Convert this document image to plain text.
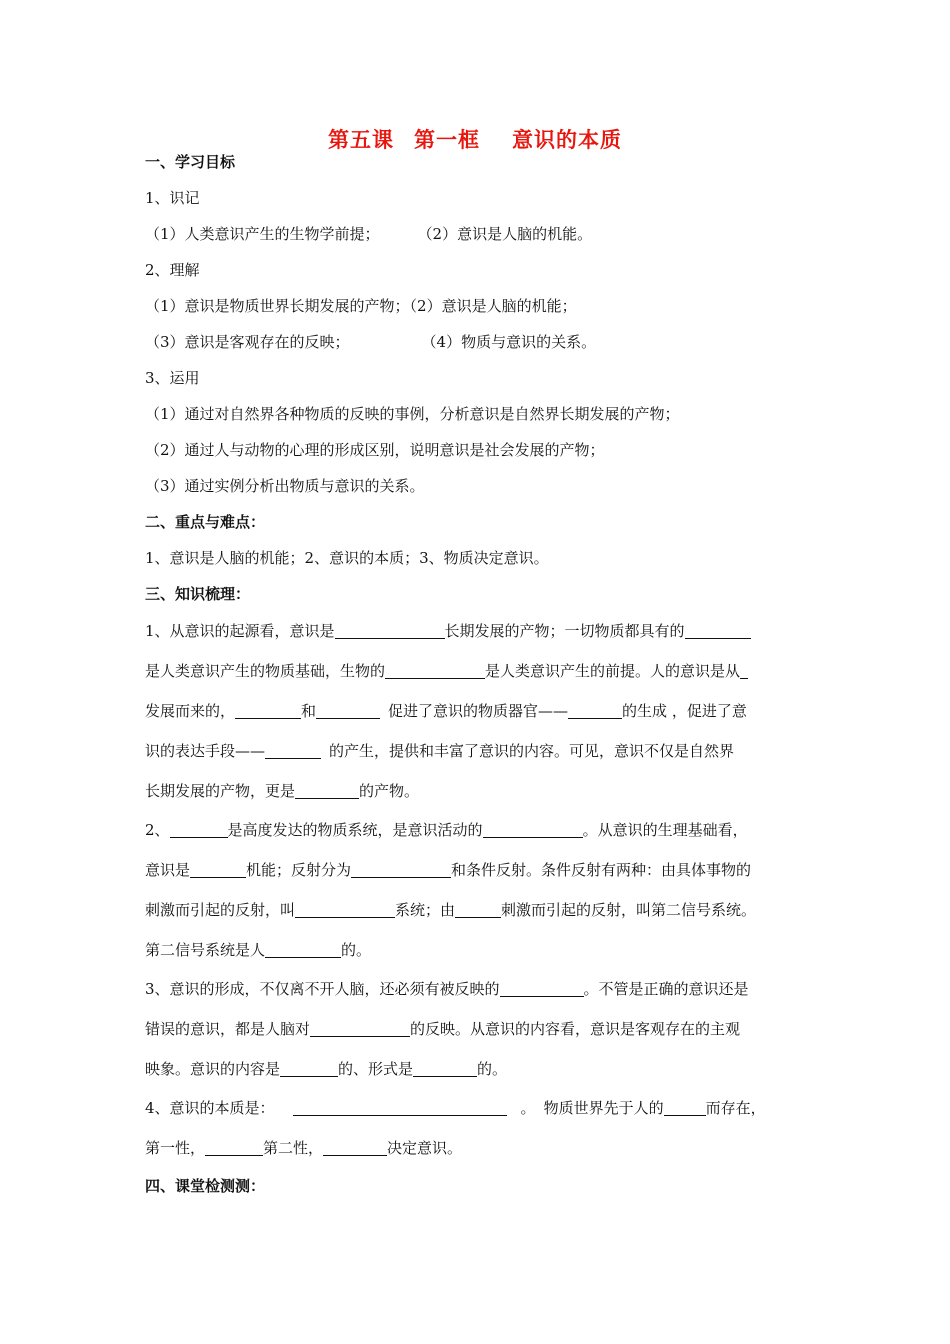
第五课 第一框 意识的本质
一、学习目标
1、识记
（1）人类意识产生的生物学前提；	（2）意识是人脑的机能。
2、理解
（1）意识是物质世界长期发展的产物；（2）意识是人脑的机能；
（3）意识是客观存在的反映；	（4）物质与意识的关系。
3、运用
（1）通过对自然界各种物质的反映的事例，分析意识是自然界长期发展的产物；
（2）通过人与动物的心理的形成区别，说明意识是社会发展的产物；
（3）通过实例分析出物质与意识的关系。
二、重点与难点：
1、意识是人脑的机能；2、意识的本质；3、物质决定意识。
三、知识梳理：
1、从意识的起源看，意识是	长期发展的产物；一切物质都具有的
是人类意识产生的物质基础，生物的	是人类意识产生的前提。人的意识是从
发展而来的，	和	促进了意识的物质器官——	的生成 ，促进了意
识的表达手段——	的产生，提供和丰富了意识的内容。可见，意识不仅是自然界
长期发展的产物，更是	的产物。
2、	是高度发达的物质系统，是意识活动的	。从意识的生理基础看，
意识是	机能；反射分为	和条件反射。条件反射有两种：由具体事物的
刺激而引起的反射，叫	系统；由	刺激而引起的反射，叫第二信号系统。
第二信号系统是人	的。
3、意识的形成，不仅离不开人脑，还必须有被反映的	。不管是正确的意识还是
错误的意识，都是人脑对	的反映。从意识的内容看，意识是客观存在的主观
映象。意识的内容是	的、形式是	的。
4、意识的本质是：	。 物质世界先于人的	而存在，
第一性，	第二性，	决定意识。
四、课堂检测测：
